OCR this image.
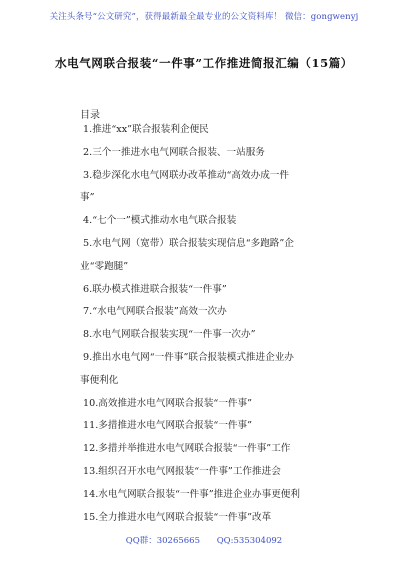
关注头条号“公文研究”，获得最新最全最专业的公文资料库！ 微信：gongwenyj
水电气网联合报装“一件事”工作推进简报汇编（15篇）
目录
1.推进“xx”联合报装利企便民
2.三个一推进水电气网联合报装、一站服务
3.稳步深化水电气网联办改革推动“高效办成一件
事”
4.“七个一”模式推动水电气联合报装
5.水电气网（宽带）联合报装实现信息“多跑路”企
业“零跑腿”
6.联办模式推进联合报装“一件事”
7.“水电气网联合报装”高效一次办
8.水电气网联合报装实现“一件事一次办”
9.推出水电气网“一件事”联合报装模式推进企业办
事便利化
10.高效推进水电气网联合报装“一件事”
11.多措推进水电气网联合报装“一件事”
12.多措并举推进水电气网联合报装“一件事”工作
13.组织召开水电气网报装“一件事”工作推进会
14.水电气网联合报装“一件事”推进企业办事更便利
15.全力推进水电气网联合报装“一件事”改革
QQ群：30265665 QQ:535304092
